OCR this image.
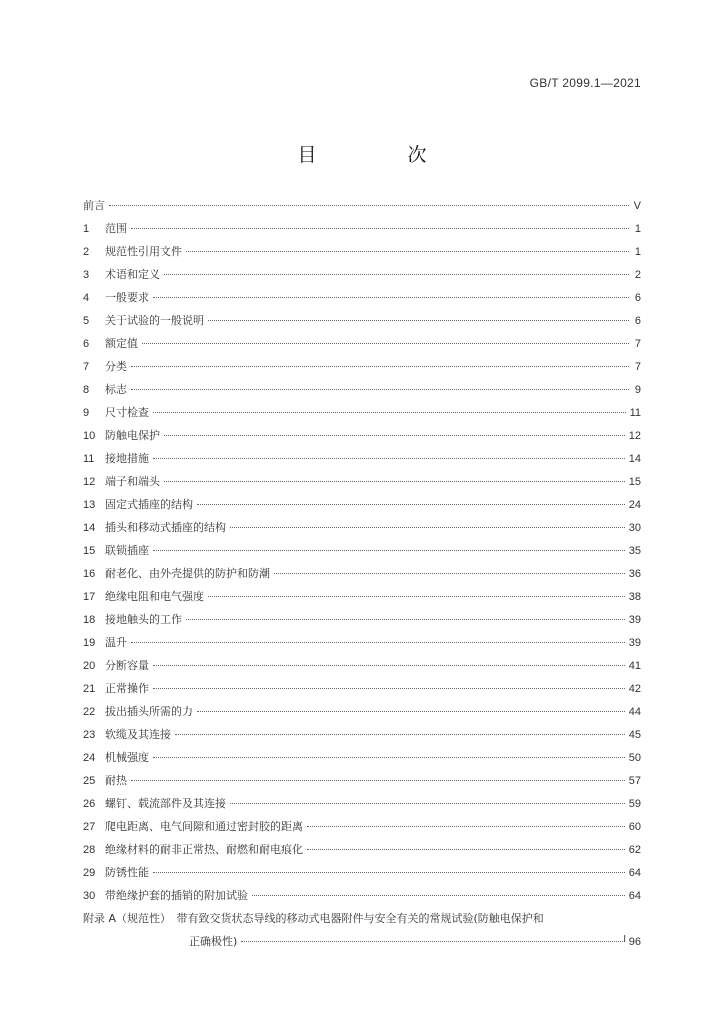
GB/T 2099.1—2021
目　次
前言	V
1	范围	1
2	规范性引用文件	1
3	术语和定义	2
4	一般要求	6
5	关于试验的一般说明	6
6	额定值	7
7	分类	7
8	标志	9
9	尺寸检查	11
10 防触电保护	12
11 接地措施	14
12 端子和端头	15
13 固定式插座的结构	24
14 插头和移动式插座的结构	30
15 联锁插座	35
16 耐老化、由外壳提供的防护和防潮	36
17 绝缘电阻和电气强度	38
18 接地触头的工作	39
19 温升	39
20 分断容量	41
21 正常操作	42
22 拔出插头所需的力	44
23 软缆及其连接	45
24 机械强度	50
25 耐热	57
26 螺钉、载流部件及其连接	59
27 爬电距离、电气间隙和通过密封胶的距离	60
28 绝缘材料的耐非正常热、耐燃和耐电痕化	62
29 防锈性能	64
30 带绝缘护套的插销的附加试验	64
附录 A（规范性）　带有致交货状态导线的移动式电器附件与安全有关的常规试验(防触电保护和
正确极性)	96
I
